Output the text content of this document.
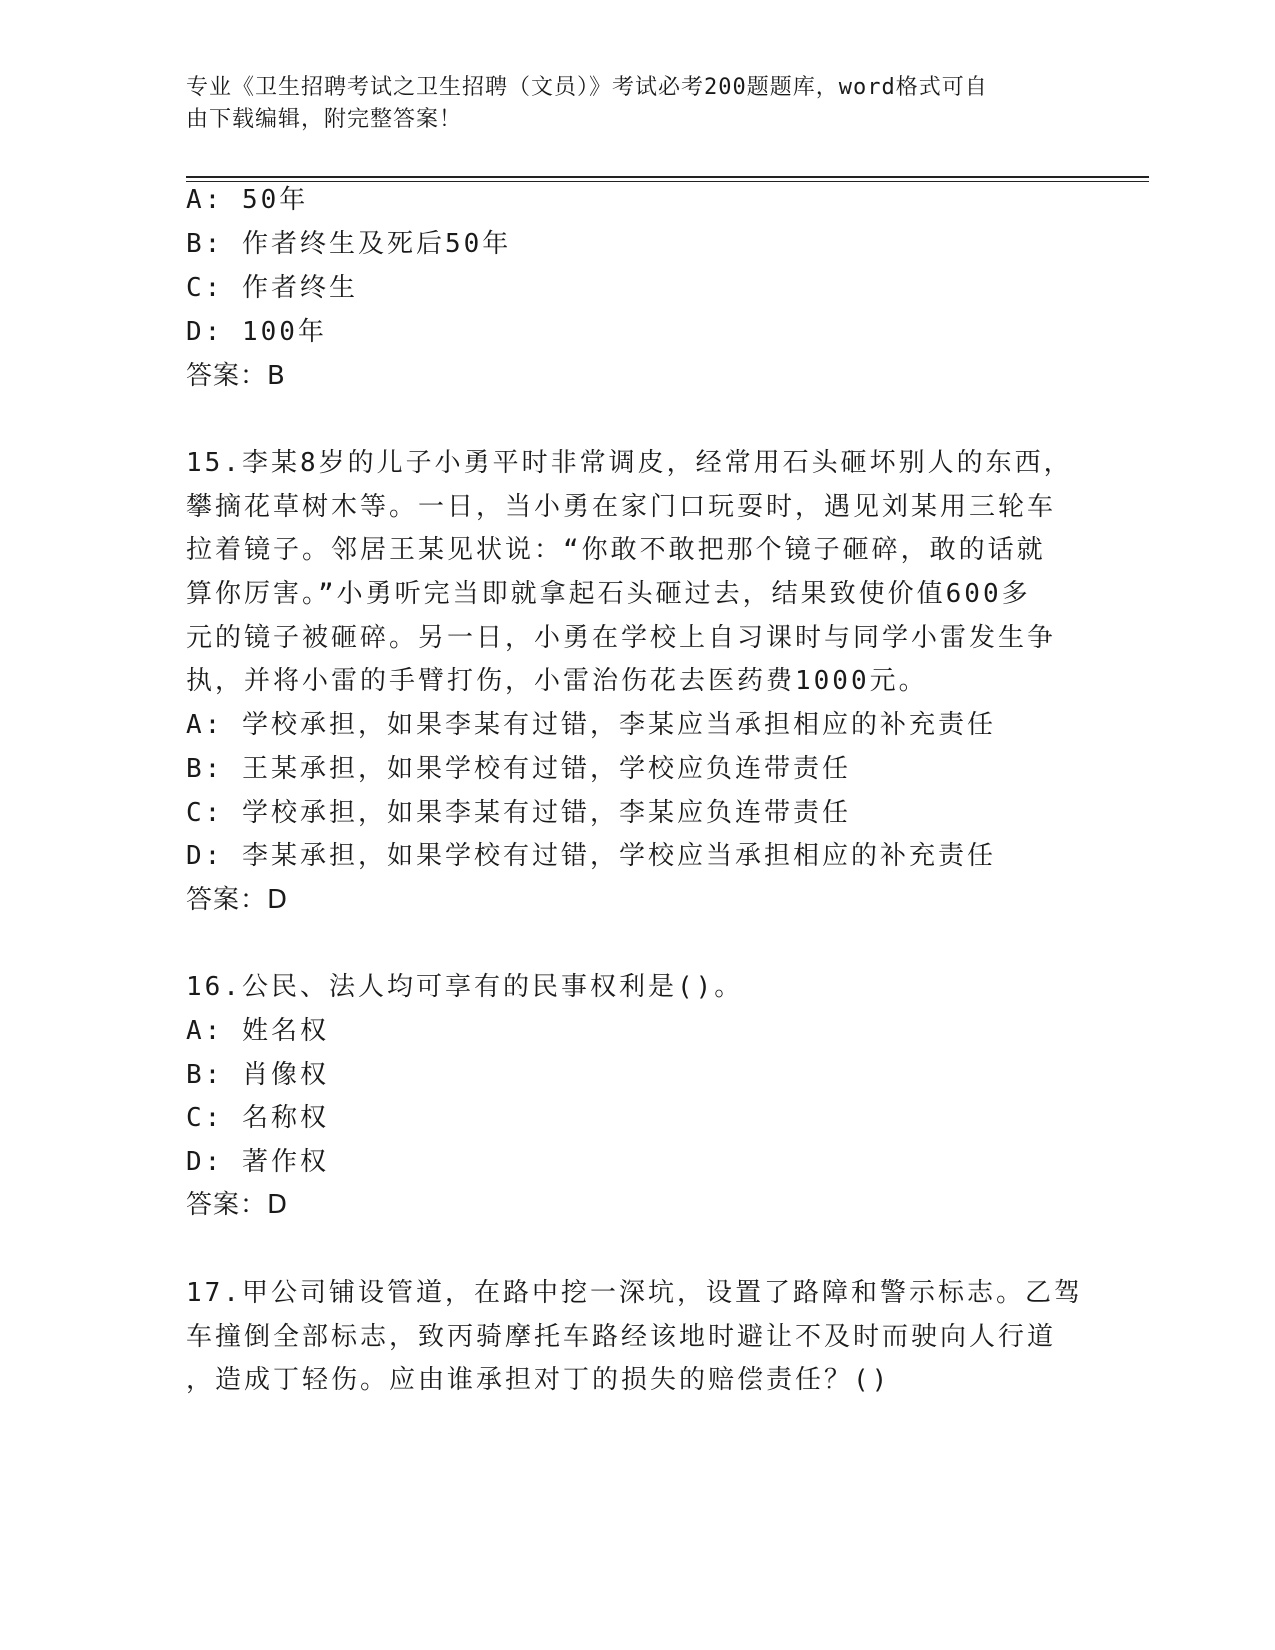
专业《卫生招聘考试之卫生招聘（文员）》考试必考200题题库，word格式可自
由下载编辑，附完整答案！
A: 50年
B: 作者终生及死后50年
C: 作者终生
D: 100年
答案：B
15.李某8岁的儿子小勇平时非常调皮，经常用石头砸坏别人的东西，
攀摘花草树木等。一日，当小勇在家门口玩耍时，遇见刘某用三轮车
拉着镜子。邻居王某见状说：“你敢不敢把那个镜子砸碎，敢的话就
算你厉害。”小勇听完当即就拿起石头砸过去，结果致使价值600多
元的镜子被砸碎。另一日，小勇在学校上自习课时与同学小雷发生争
执，并将小雷的手臂打伤，小雷治伤花去医药费1000元。
A: 学校承担，如果李某有过错，李某应当承担相应的补充责任
B: 王某承担，如果学校有过错，学校应负连带责任
C: 学校承担，如果李某有过错，李某应负连带责任
D: 李某承担，如果学校有过错，学校应当承担相应的补充责任
答案：D
16.公民、法人均可享有的民事权利是()。
A: 姓名权
B: 肖像权
C: 名称权
D: 著作权
答案：D
17.甲公司铺设管道，在路中挖一深坑，设置了路障和警示标志。乙驾
车撞倒全部标志，致丙骑摩托车路经该地时避让不及时而驶向人行道
，造成丁轻伤。应由谁承担对丁的损失的赔偿责任？()
